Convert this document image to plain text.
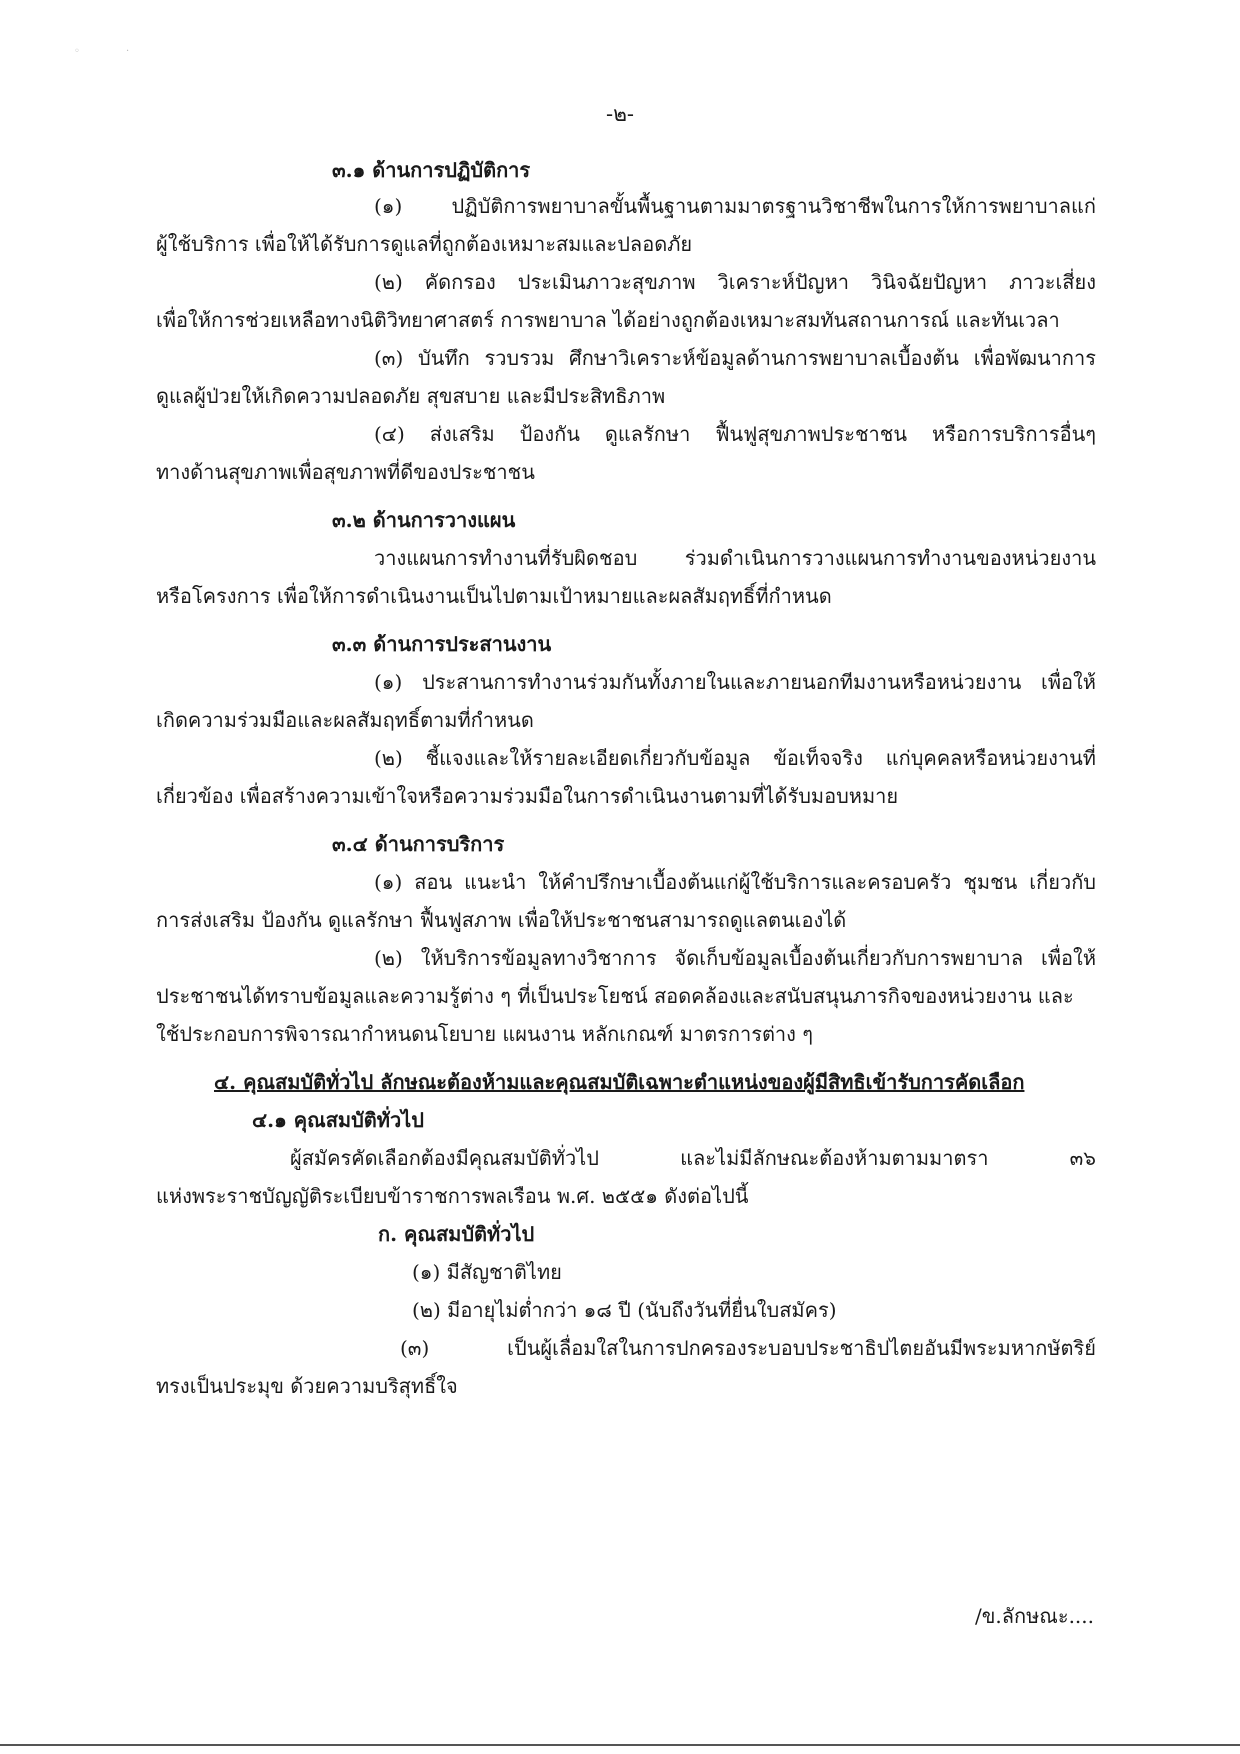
◦	·
-๒-
๓.๑ ด้านการปฏิบัติการ
(๑) ปฏิบัติการพยาบาลขั้นพื้นฐานตามมาตรฐานวิชาชีพในการให้การพยาบาลแก่
ผู้ใช้บริการ เพื่อให้ได้รับการดูแลที่ถูกต้องเหมาะสมและปลอดภัย
(๒) คัดกรอง ประเมินภาวะสุขภาพ วิเคราะห์ปัญหา วินิจฉัยปัญหา ภาวะเสี่ยง
เพื่อให้การช่วยเหลือทางนิติวิทยาศาสตร์ การพยาบาล ได้อย่างถูกต้องเหมาะสมทันสถานการณ์ และทันเวลา
(๓) บันทึก รวบรวม ศึกษาวิเคราะห์ข้อมูลด้านการพยาบาลเบื้องต้น เพื่อพัฒนาการ
ดูแลผู้ป่วยให้เกิดความปลอดภัย สุขสบาย และมีประสิทธิภาพ
(๔) ส่งเสริม ป้องกัน ดูแลรักษา ฟื้นฟูสุขภาพประชาชน หรือการบริการอื่นๆ
ทางด้านสุขภาพเพื่อสุขภาพที่ดีของประชาชน
๓.๒ ด้านการวางแผน
วางแผนการทำงานที่รับผิดชอบ ร่วมดำเนินการวางแผนการทำงานของหน่วยงาน
หรือโครงการ เพื่อให้การดำเนินงานเป็นไปตามเป้าหมายและผลสัมฤทธิ์ที่กำหนด
๓.๓ ด้านการประสานงาน
(๑) ประสานการทำงานร่วมกันทั้งภายในและภายนอกทีมงานหรือหน่วยงาน เพื่อให้
เกิดความร่วมมือและผลสัมฤทธิ์ตามที่กำหนด
(๒) ชี้แจงและให้รายละเอียดเกี่ยวกับข้อมูล ข้อเท็จจริง แก่บุคคลหรือหน่วยงานที่
เกี่ยวข้อง เพื่อสร้างความเข้าใจหรือความร่วมมือในการดำเนินงานตามที่ได้รับมอบหมาย
๓.๔ ด้านการบริการ
(๑) สอน แนะนำ ให้คำปรึกษาเบื้องต้นแก่ผู้ใช้บริการและครอบครัว ชุมชน เกี่ยวกับ
การส่งเสริม ป้องกัน ดูแลรักษา ฟื้นฟูสภาพ เพื่อให้ประชาชนสามารถดูแลตนเองได้
(๒) ให้บริการข้อมูลทางวิชาการ จัดเก็บข้อมูลเบื้องต้นเกี่ยวกับการพยาบาล เพื่อให้
ประชาชนได้ทราบข้อมูลและความรู้ต่าง ๆ ที่เป็นประโยชน์ สอดคล้องและสนับสนุนภารกิจของหน่วยงาน และ
ใช้ประกอบการพิจารณากำหนดนโยบาย แผนงาน หลักเกณฑ์ มาตรการต่าง ๆ
๔. คุณสมบัติทั่วไป ลักษณะต้องห้ามและคุณสมบัติเฉพาะตำแหน่งของผู้มีสิทธิเข้ารับการคัดเลือก
๔.๑ คุณสมบัติทั่วไป
ผู้สมัครคัดเลือกต้องมีคุณสมบัติทั่วไป และไม่มีลักษณะต้องห้ามตามมาตรา ๓๖
แห่งพระราชบัญญัติระเบียบข้าราชการพลเรือน พ.ศ. ๒๕๕๑ ดังต่อไปนี้
ก. คุณสมบัติทั่วไป
(๑) มีสัญชาติไทย
(๒) มีอายุไม่ต่ำกว่า ๑๘ ปี (นับถึงวันที่ยื่นใบสมัคร)
(๓) เป็นผู้เลื่อมใสในการปกครองระบอบประชาธิปไตยอันมีพระมหากษัตริย์
ทรงเป็นประมุข ด้วยความบริสุทธิ์ใจ
/ข.ลักษณะ....
